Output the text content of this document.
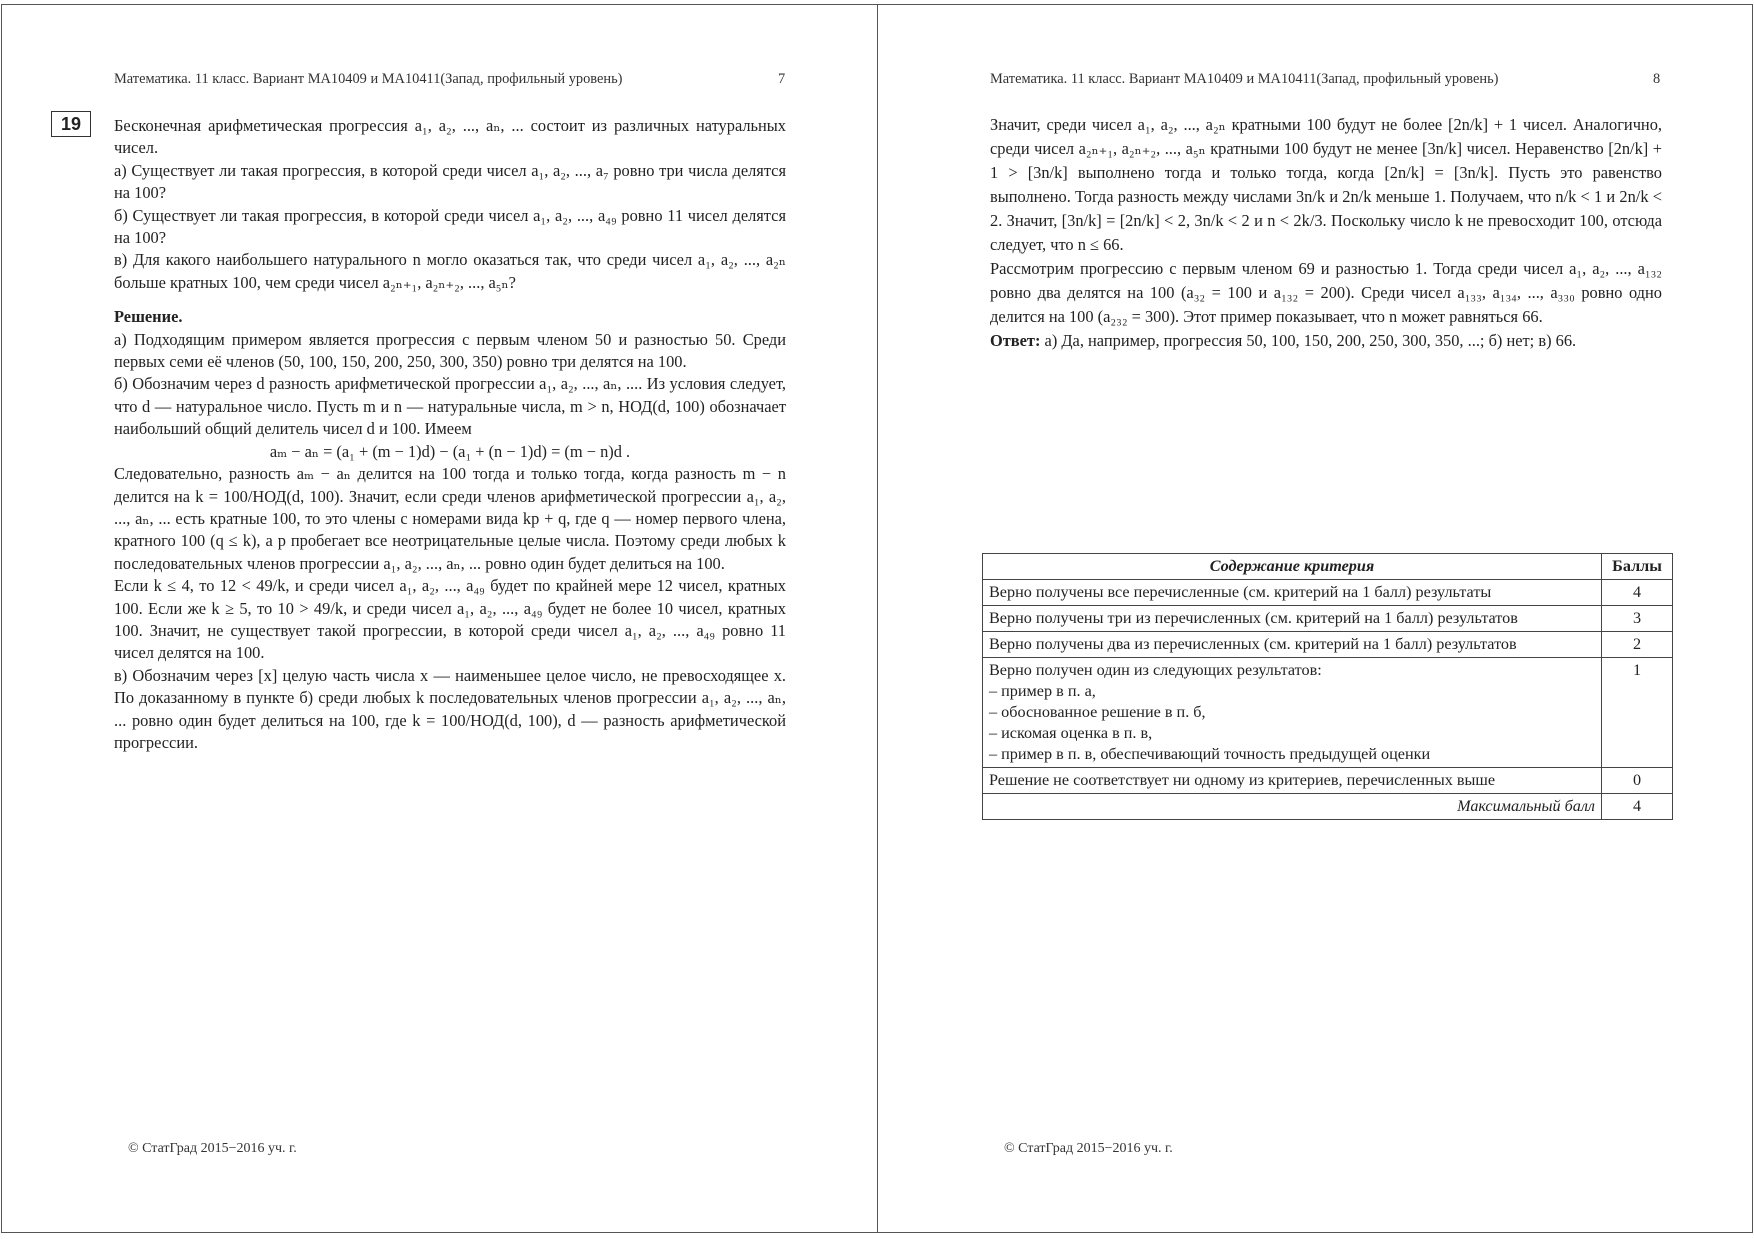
Математика. 11 класс. Вариант МА10409 и МА10411(Запад, профильный уровень)	7
19	Бесконечная арифметическая прогрессия a₁, a₂, ..., aₙ, ... состоит из различных натуральных чисел.

а) Существует ли такая прогрессия, в которой среди чисел a₁, a₂, ..., a₇ ровно три числа делятся на 100?

б) Существует ли такая прогрессия, в которой среди чисел a₁, a₂, ..., a₄₉ ровно 11 чисел делятся на 100?

в) Для какого наибольшего натурального n могло оказаться так, что среди чисел a₁, a₂, ..., a₂ₙ больше кратных 100, чем среди чисел a₂ₙ₊₁, a₂ₙ₊₂, ..., a₅ₙ?

Решение.

а) Подходящим примером является прогрессия с первым членом 50 и разностью 50. Среди первых семи её членов (50, 100, 150, 200, 250, 300, 350) ровно три делятся на 100.

б) Обозначим через d разность арифметической прогрессии a₁, a₂, ..., aₙ, .... Из условия следует, что d — натуральное число. Пусть m и n — натуральные числа, m > n, НОД(d, 100) обозначает наибольший общий делитель чисел d и 100. Имеем

aₘ − aₙ = (a₁ + (m − 1)d) − (a₁ + (n − 1)d) = (m − n)d .

Следовательно, разность aₘ − aₙ делится на 100 тогда и только тогда, когда разность m − n делится на k = 100/НОД(d, 100). Значит, если среди членов арифметической прогрессии a₁, a₂, ..., aₙ, ... есть кратные 100, то это члены с номерами вида kp + q, где q — номер первого члена, кратного 100 (q ≤ k), а p пробегает все неотрицательные целые числа. Поэтому среди любых k последовательных членов прогрессии a₁, a₂, ..., aₙ, ... ровно один будет делиться на 100.

Если k ≤ 4, то 12 < 49/k, и среди чисел a₁, a₂, ..., a₄₉ будет по крайней мере 12 чисел, кратных 100. Если же k ≥ 5, то 10 > 49/k, и среди чисел a₁, a₂, ..., a₄₉ будет не более 10 чисел, кратных 100. Значит, не существует такой прогрессии, в которой среди чисел a₁, a₂, ..., a₄₉ ровно 11 чисел делятся на 100.

в) Обозначим через [x] целую часть числа x — наименьшее целое число, не превосходящее x. По доказанному в пункте б) среди любых k последовательных членов прогрессии a₁, a₂, ..., aₙ, ... ровно один будет делиться на 100, где k = 100/НОД(d, 100), d — разность арифметической прогрессии.

© СтатГрад 2015−2016 уч. г.
Математика. 11 класс. Вариант МА10409 и МА10411(Запад, профильный уровень)	8

Значит, среди чисел a₁, a₂, ..., a₂ₙ кратными 100 будут не более [2n/k] + 1 чисел. Аналогично, среди чисел a₂ₙ₊₁, a₂ₙ₊₂, ..., a₅ₙ кратными 100 будут не менее [3n/k] чисел. Неравенство [2n/k] + 1 > [3n/k] выполнено тогда и только тогда, когда [2n/k] = [3n/k]. Пусть это равенство выполнено. Тогда разность между числами 3n/k и 2n/k меньше 1. Получаем, что n/k < 1 и 2n/k < 2. Значит, [3n/k] = [2n/k] < 2, 3n/k < 2 и n < 2k/3. Поскольку число k не превосходит 100, отсюда следует, что n ≤ 66.

Рассмотрим прогрессию с первым членом 69 и разностью 1. Тогда среди чисел a₁, a₂, ..., a₁₃₂ ровно два делятся на 100 (a₃₂ = 100 и a₁₃₂ = 200). Среди чисел a₁₃₃, a₁₃₄, ..., a₃₃₀ ровно одно делится на 100 (a₂₃₂ = 300). Этот пример показывает, что n может равняться 66.

Ответ: а) Да, например, прогрессия 50, 100, 150, 200, 250, 300, 350, ...; б) нет; в) 66.

Содержание критерия	Баллы
Верно получены все перечисленные (см. критерий на 1 балл) результаты	4
Верно получены три из перечисленных (см. критерий на 1 балл) результатов	3
Верно получены два из перечисленных (см. критерий на 1 балл) результатов	2

Верно получен один из следующих результатов:
– пример в п. а,
– обоснованное решение в п. б,
– искомая оценка в п. в,
– пример в п. в, обеспечивающий точность предыдущей оценки	1
Решение не соответствует ни одному из критериев, перечисленных выше	0
Максимальный балл	4
© СтатГрад 2015−2016 уч. г.
